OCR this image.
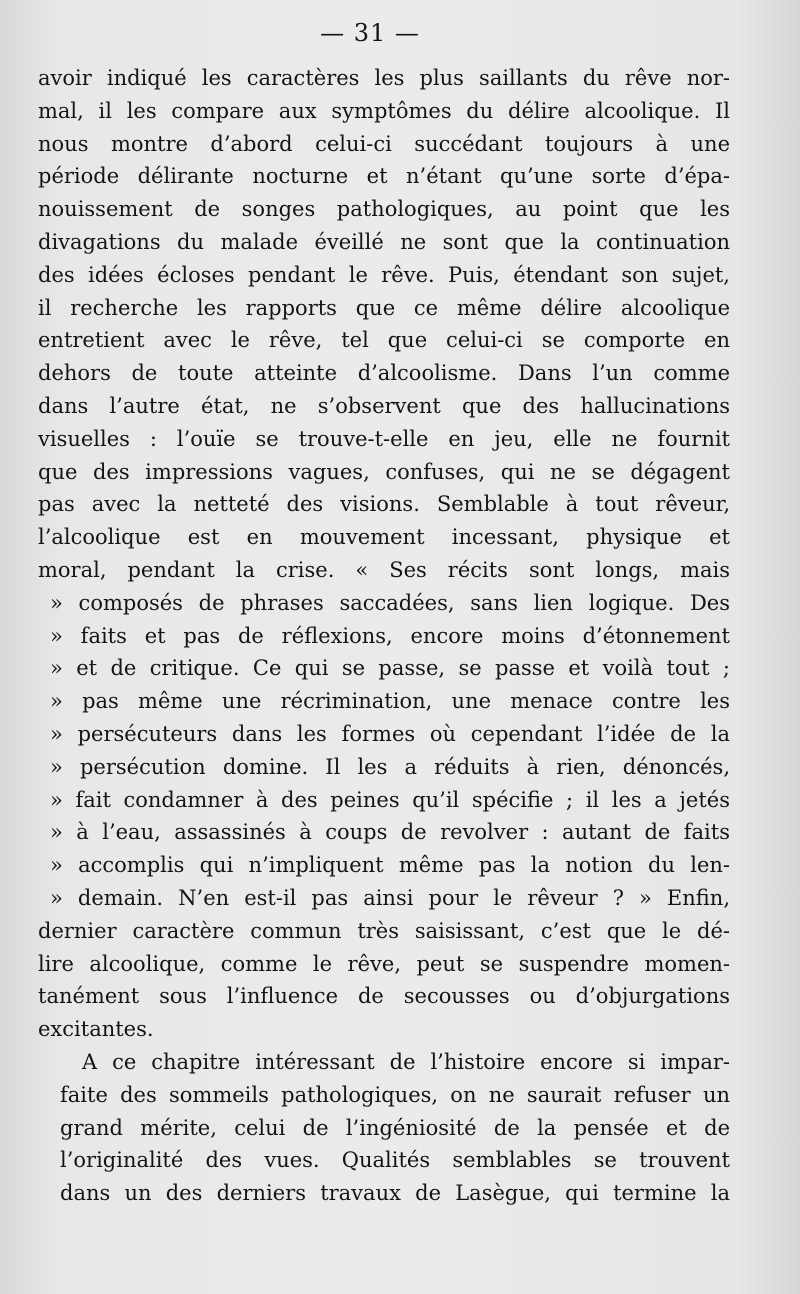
— 31 —
avoir indiqué les caractères les plus saillants du rêve nor-
mal, il les compare aux symptômes du délire alcoolique. Il
nous montre d’abord celui-ci succédant toujours à une
période délirante nocturne et n’étant qu’une sorte d’épa-
nouissement de songes pathologiques, au point que les
divagations du malade éveillé ne sont que la continuation
des idées écloses pendant le rêve. Puis, étendant son sujet,
il recherche les rapports que ce même délire alcoolique
entretient avec le rêve, tel que celui-ci se comporte en
dehors de toute atteinte d’alcoolisme. Dans l’un comme
dans l’autre état, ne s’observent que des hallucinations
visuelles : l’ouïe se trouve-t-elle en jeu, elle ne fournit
que des impressions vagues, confuses, qui ne se dégagent
pas avec la netteté des visions. Semblable à tout rêveur,
l’alcoolique est en mouvement incessant, physique et
moral, pendant la crise. « Ses récits sont longs, mais
» composés de phrases saccadées, sans lien logique. Des
» faits et pas de réflexions, encore moins d’étonnement
» et de critique. Ce qui se passe, se passe et voilà tout ;
» pas même une récrimination, une menace contre les
» persécuteurs dans les formes où cependant l’idée de la
» persécution domine. Il les a réduits à rien, dénoncés,
» fait condamner à des peines qu’il spécifie ; il les a jetés
» à l’eau, assassinés à coups de revolver : autant de faits
» accomplis qui n’impliquent même pas la notion du len-
» demain. N’en est-il pas ainsi pour le rêveur ? » Enfin,
dernier caractère commun très saisissant, c’est que le dé-
lire alcoolique, comme le rêve, peut se suspendre momen-
tanément sous l’influence de secousses ou d’objurgations
excitantes.
A ce chapitre intéressant de l’histoire encore si impar-
faite des sommeils pathologiques, on ne saurait refuser un
grand mérite, celui de l’ingéniosité de la pensée et de
l’originalité des vues. Qualités semblables se trouvent
dans un des derniers travaux de Lasègue, qui termine la
